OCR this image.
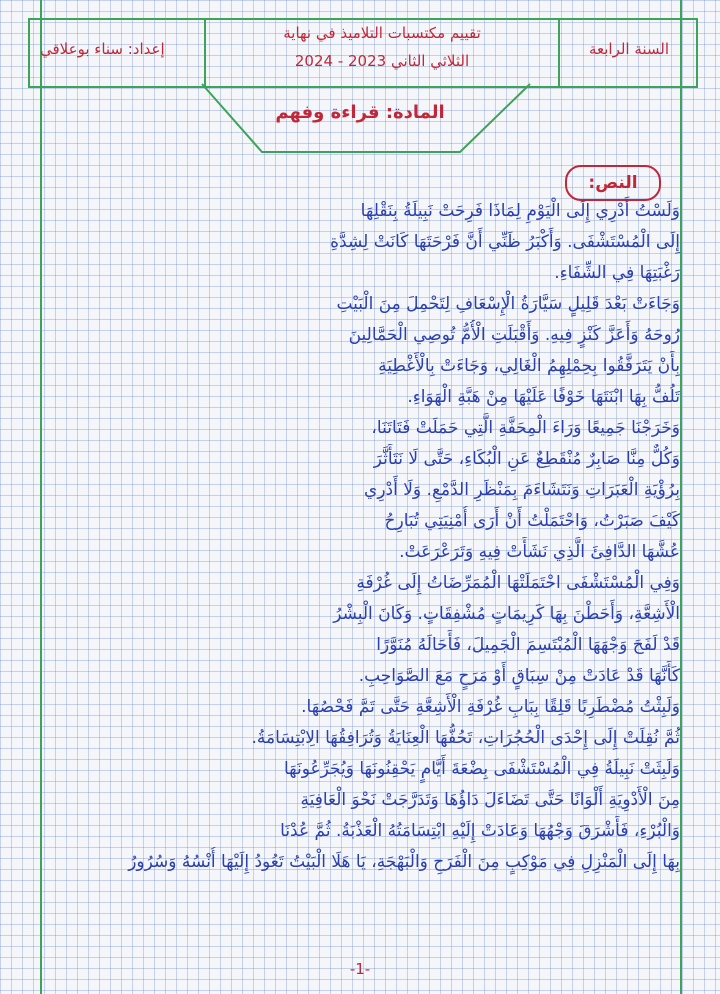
إعداد: سناء بوعلاقي
تقييم مكتسبات التلاميذ في نهاية
الثلاثي الثاني 2023 - 2024
السنة الرابعة
المادة: قراءة وفهم
النص:

وَلَسْتُ أَدْرِي إِلَى الْيَوْمِ لِمَاذَا فَرِحَتْ نَبِيلَةُ بِنَقْلِهَا

إِلَى الْمُسْتَشْفَى. وَأَكْبَرُ ظَنِّي أَنَّ فَرْحَتَهَا كَانَتْ لِشِدَّةِ

رَغْبَتِهَا فِي الشِّفَاءِ.

وَجَاءَتْ بَعْدَ قَلِيلٍ سَيَّارَةُ الْإِسْعَافِ لِتَحْمِلَ مِنَ الْبَيْتِ

رُوحَهُ وَأَعَزَّ كَنْزٍ فِيهِ. وَأَقْبَلَتِ الْأُمُّ تُوصِي الْحَمَّالِينَ

بِأَنْ يَتَرَفَّقُوا بِحِمْلِهِمُ الْغَالِي، وَجَاءَتْ بِالْأَغْطِيَةِ

تَلُفُّ بِهَا ابْنَتَهَا خَوْفًا عَلَيْهَا مِنْ هَبَّةِ الْهَوَاءِ.

وَخَرَجْنَا جَمِيعًا وَرَاءَ الْمِحَفَّةِ الَّتِي حَمَلَتْ فَتَاتَنَا،

وَكُلٌّ مِنَّا صَابِرٌ مُنْقَطِعٌ عَنِ الْبُكَاءِ، حَتَّى لَا نَتَأَثَّرَ

بِرُؤْيَةِ الْعَبَرَاتِ وَنَتَشَاءَمَ بِمَنْظَرِ الدَّمْعِ. وَلَا أَدْرِي

كَيْفَ صَبَرْتُ، وَاحْتَمَلْتُ أَنْ أَرَى أُمْنِيَتِي تُبَارِحُ

عُشَّهَا الدَّافِئَ الَّذِي نَشَأَتْ فِيهِ وَتَرَعْرَعَتْ.

وَفِي الْمُسْتَشْفَى احْتَمَلَتْهَا الْمُمَرِّضَاتُ إِلَى غُرْفَةِ

الْأَشِعَّةِ، وَأَحَطْنَ بِهَا كَرِيمَاتٍ مُشْفِقَاتٍ. وَكَانَ الْبِشْرُ

قَدْ لَفَحَ وَجْهَهَا الْمُبْتَسِمَ الْجَمِيلَ، فَأَحَالَهُ مُنَوَّرًا

كَأَنَّهَا قَدْ عَادَتْ مِنْ سِبَاقٍ أَوْ مَرَحٍ مَعَ الصَّوَاحِبِ.

وَلَبِثْتُ مُضْطَرِبًا قَلِقًا بِبَابِ غُرْفَةِ الْأَشِعَّةِ حَتَّى تَمَّ فَحْصُهَا.

ثُمَّ نُقِلَتْ إِلَى إِحْدَى الْحُجُرَاتِ، تَحُفُّهَا الْعِنَايَةُ وَتُرَافِقُهَا الِابْتِسَامَةُ.

وَلَبِثَتْ نَبِيلَةُ فِي الْمُسْتَشْفَى بِضْعَةَ أَيَّامٍ يَحْقِنُونَهَا وَيُجَرِّعُونَهَا

مِنَ الْأَدْوِيَةِ أَلْوَانًا حَتَّى تَضَاءَلَ دَاؤُهَا وَتَدَرَّجَتْ نَحْوَ الْعَافِيَةِ

وَالْبُرْءِ، فَأَشْرَقَ وَجْهُهَا وَعَادَتْ إِلَيْهِ ابْتِسَامَتُهُ الْعَذْبَةُ. ثُمَّ عُدْنَا

بِهَا إِلَى الْمَنْزِلِ فِي مَوْكِبٍ مِنَ الْفَرَحِ وَالْبَهْجَةِ، يَا هَلَا الْبَيْتُ تَعُودُ إِلَيْهَا أُنْسُهُ وَسُرُورُ

-1-
